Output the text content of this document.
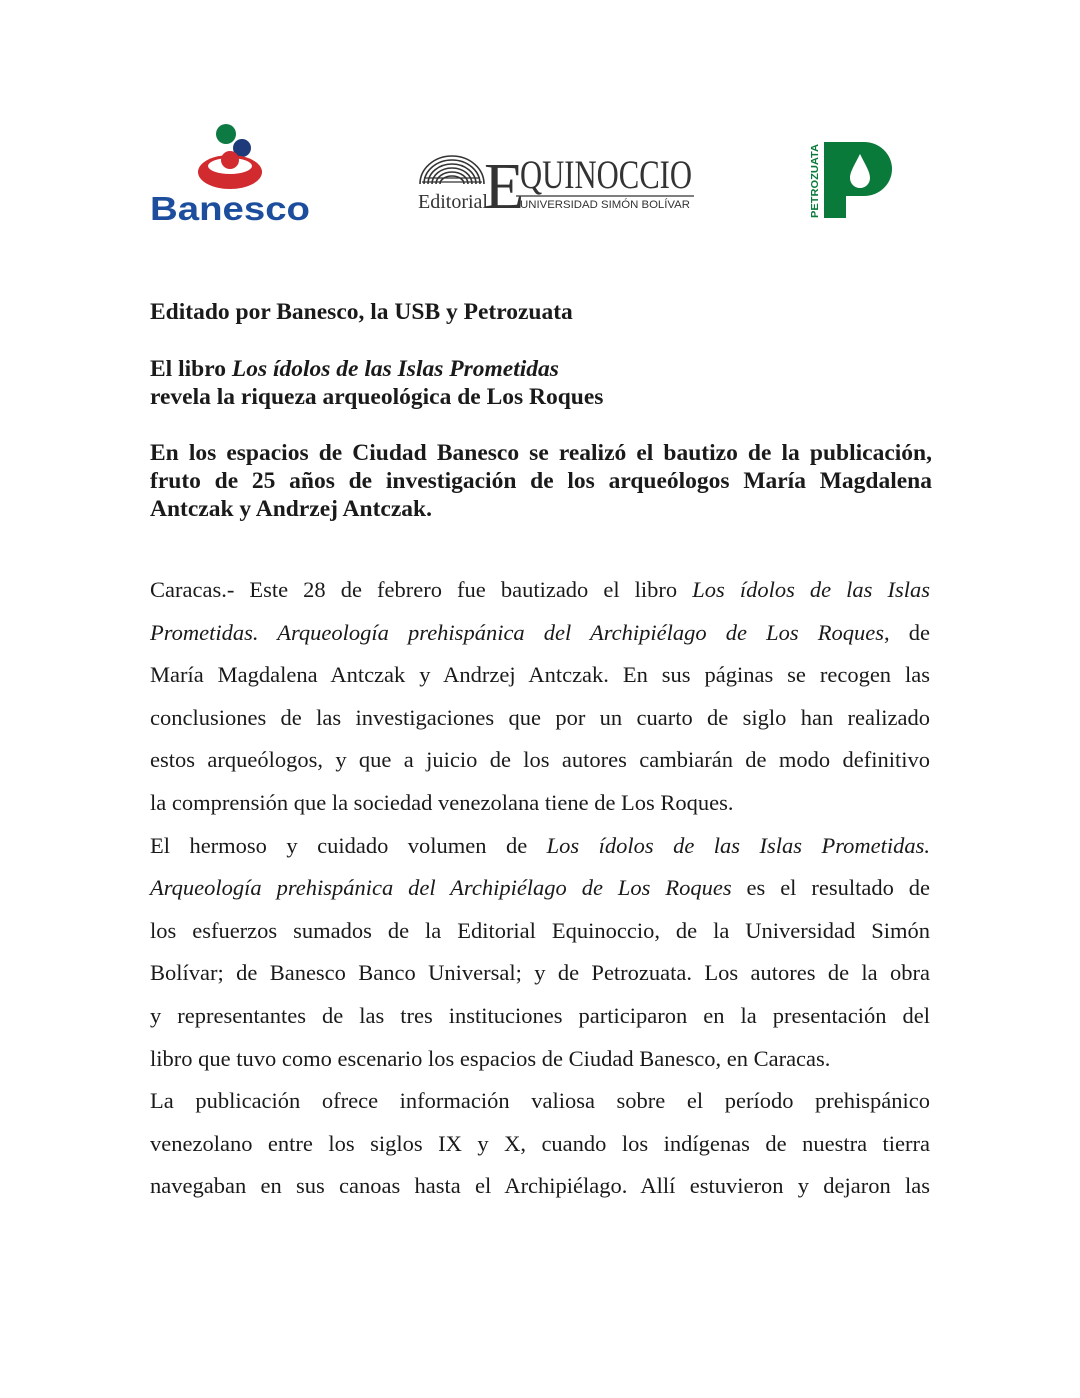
Banesco	Editorial
E
QUINOCCIO
UNIVERSIDAD SIMÓN BOLÍVAR	PETROZUATA

Editado por Banesco, la USB y Petrozuata

El libro Los ídolos de las Islas Prometidas
revela la riqueza arqueológica de Los Roques

En los espacios de Ciudad Banesco se realizó el bautizo de la publicación,
fruto de 25 años de investigación de los arqueólogos María Magdalena
Antczak y Andrzej Antczak.

Caracas.- Este 28 de febrero fue bautizado el libro Los ídolos de las Islas
Prometidas. Arqueología prehispánica del Archipiélago de Los Roques, de
María Magdalena Antczak y Andrzej Antczak. En sus páginas se recogen las
conclusiones de las investigaciones que por un cuarto de siglo han realizado
estos arqueólogos, y que a juicio de los autores cambiarán de modo definitivo
la comprensión que la sociedad venezolana tiene de Los Roques.
El hermoso y cuidado volumen de Los ídolos de las Islas Prometidas.
Arqueología prehispánica del Archipiélago de Los Roques es el resultado de
los esfuerzos sumados de la Editorial Equinoccio, de la Universidad Simón
Bolívar; de Banesco Banco Universal; y de Petrozuata. Los autores de la obra
y representantes de las tres instituciones participaron en la presentación del
libro que tuvo como escenario los espacios de Ciudad Banesco, en Caracas.
La publicación ofrece información valiosa sobre el período prehispánico
venezolano entre los siglos IX y X, cuando los indígenas de nuestra tierra
navegaban en sus canoas hasta el Archipiélago. Allí estuvieron y dejaron las
